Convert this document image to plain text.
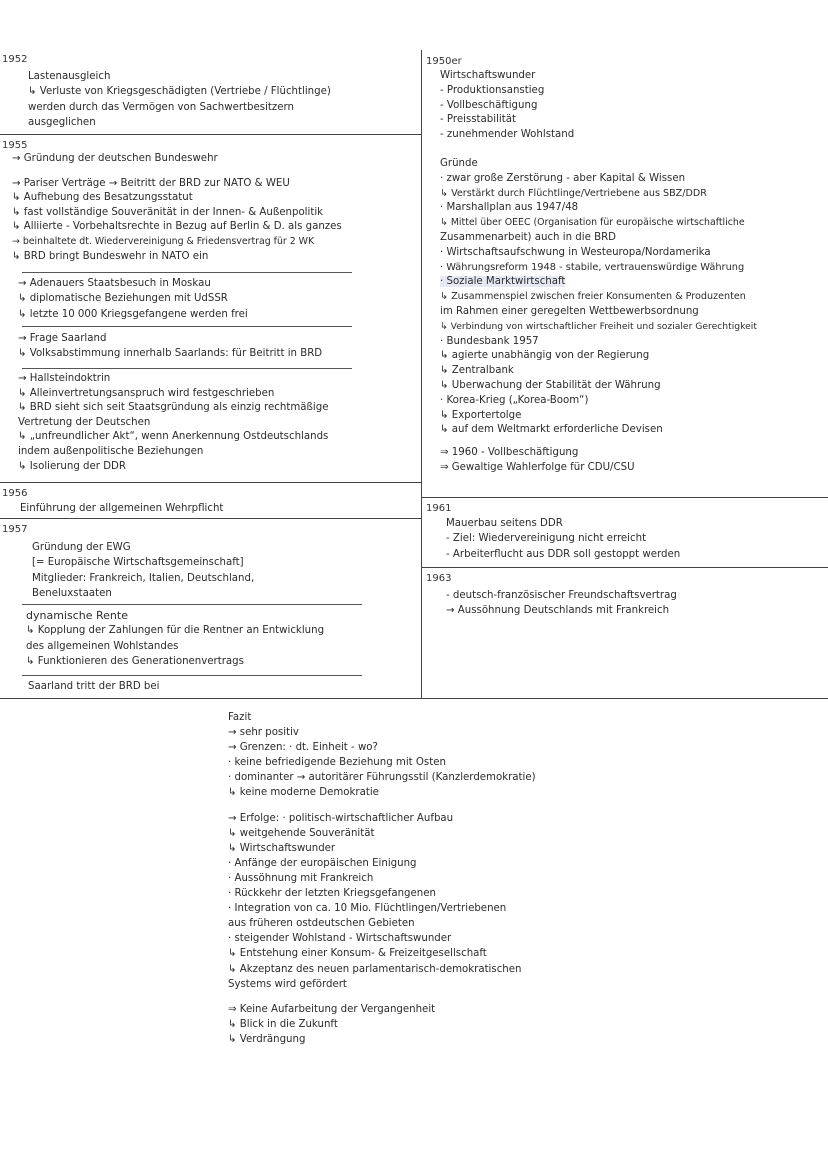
1952
1955
1956
1957
1950er
1961
1963
Lastenausgleich
↳ Verluste von Kriegsgeschädigten (Vertriebe / Flüchtlinge)
werden durch das Vermögen von Sachwertbesitzern
ausgeglichen
→ Gründung der deutschen Bundeswehr
→ Pariser Verträge → Beitritt der BRD zur NATO & WEU
↳ Aufhebung des Besatzungsstatut
↳ fast vollständige Souveränität in der Innen- & Außenpolitik
↳ Alliierte - Vorbehaltsrechte in Bezug auf Berlin & D. als ganzes
→ beinhaltete dt. Wiedervereinigung & Friedensvertrag für 2 WK
↳ BRD bringt Bundeswehr in NATO ein
→ Adenauers Staatsbesuch in Moskau
↳ diplomatische Beziehungen mit UdSSR
↳ letzte 10 000 Kriegsgefangene werden frei
→ Frage Saarland
↳ Volksabstimmung innerhalb Saarlands: für Beitritt in BRD
→ Hallsteindoktrin
↳ Alleinvertretungsanspruch wird festgeschrieben
↳ BRD sieht sich seit Staatsgründung als einzig rechtmäßige
Vertretung der Deutschen
↳ „unfreundlicher Akt“, wenn Anerkennung Ostdeutschlands
indem außenpolitische Beziehungen
↳ Isolierung der DDR
Einführung der allgemeinen Wehrpflicht
Gründung der EWG
[= Europäische Wirtschaftsgemeinschaft]
Mitglieder: Frankreich, Italien, Deutschland,
Beneluxstaaten
dynamische Rente
↳ Kopplung der Zahlungen für die Rentner an Entwicklung
des allgemeinen Wohlstandes
↳ Funktionieren des Generationenvertrags
Saarland tritt der BRD bei
Wirtschaftswunder
- Produktionsanstieg
- Vollbeschäftigung
- Preisstabilität
- zunehmender Wohlstand
Gründe
· zwar große Zerstörung - aber Kapital & Wissen
↳ Verstärkt durch Flüchtlinge/Vertriebene aus SBZ/DDR
· Marshallplan aus 1947/48
↳ Mittel über OEEC (Organisation für europäische wirtschaftliche
Zusammenarbeit) auch in die BRD
· Wirtschaftsaufschwung in Westeuropa/Nordamerika
· Währungsreform 1948 - stabile, vertrauenswürdige Währung
· Soziale Marktwirtschaft
↳ Zusammenspiel zwischen freier Konsumenten & Produzenten
im Rahmen einer geregelten Wettbewerbsordnung
↳ Verbindung von wirtschaftlicher Freiheit und sozialer Gerechtigkeit
· Bundesbank 1957
↳ agierte unabhängig von der Regierung
↳ Zentralbank
↳ Überwachung der Stabilität der Währung
· Korea-Krieg („Korea-Boom“)
↳ Exportertolge
↳ auf dem Weltmarkt erforderliche Devisen
⇒ 1960 - Vollbeschäftigung
⇒ Gewaltige Wahlerfolge für CDU/CSU
Mauerbau seitens DDR
- Ziel: Wiedervereinigung nicht erreicht
- Arbeiterflucht aus DDR soll gestoppt werden
- deutsch-französischer Freundschaftsvertrag
→ Aussöhnung Deutschlands mit Frankreich
Fazit
→ sehr positiv
→ Grenzen: · dt. Einheit - wo?
· keine befriedigende Beziehung mit Osten
· dominanter → autoritärer Führungsstil (Kanzlerdemokratie)
↳ keine moderne Demokratie
→ Erfolge: · politisch-wirtschaftlicher Aufbau
↳ weitgehende Souveränität
↳ Wirtschaftswunder
· Anfänge der europäischen Einigung
· Aussöhnung mit Frankreich
· Rückkehr der letzten Kriegsgefangenen
· Integration von ca. 10 Mio. Flüchtlingen/Vertriebenen
aus früheren ostdeutschen Gebieten
· steigender Wohlstand - Wirtschaftswunder
↳ Entstehung einer Konsum- & Freizeitgesellschaft
↳ Akzeptanz des neuen parlamentarisch-demokratischen
Systems wird gefördert
⇒ Keine Aufarbeitung der Vergangenheit
↳ Blick in die Zukunft
↳ Verdrängung
